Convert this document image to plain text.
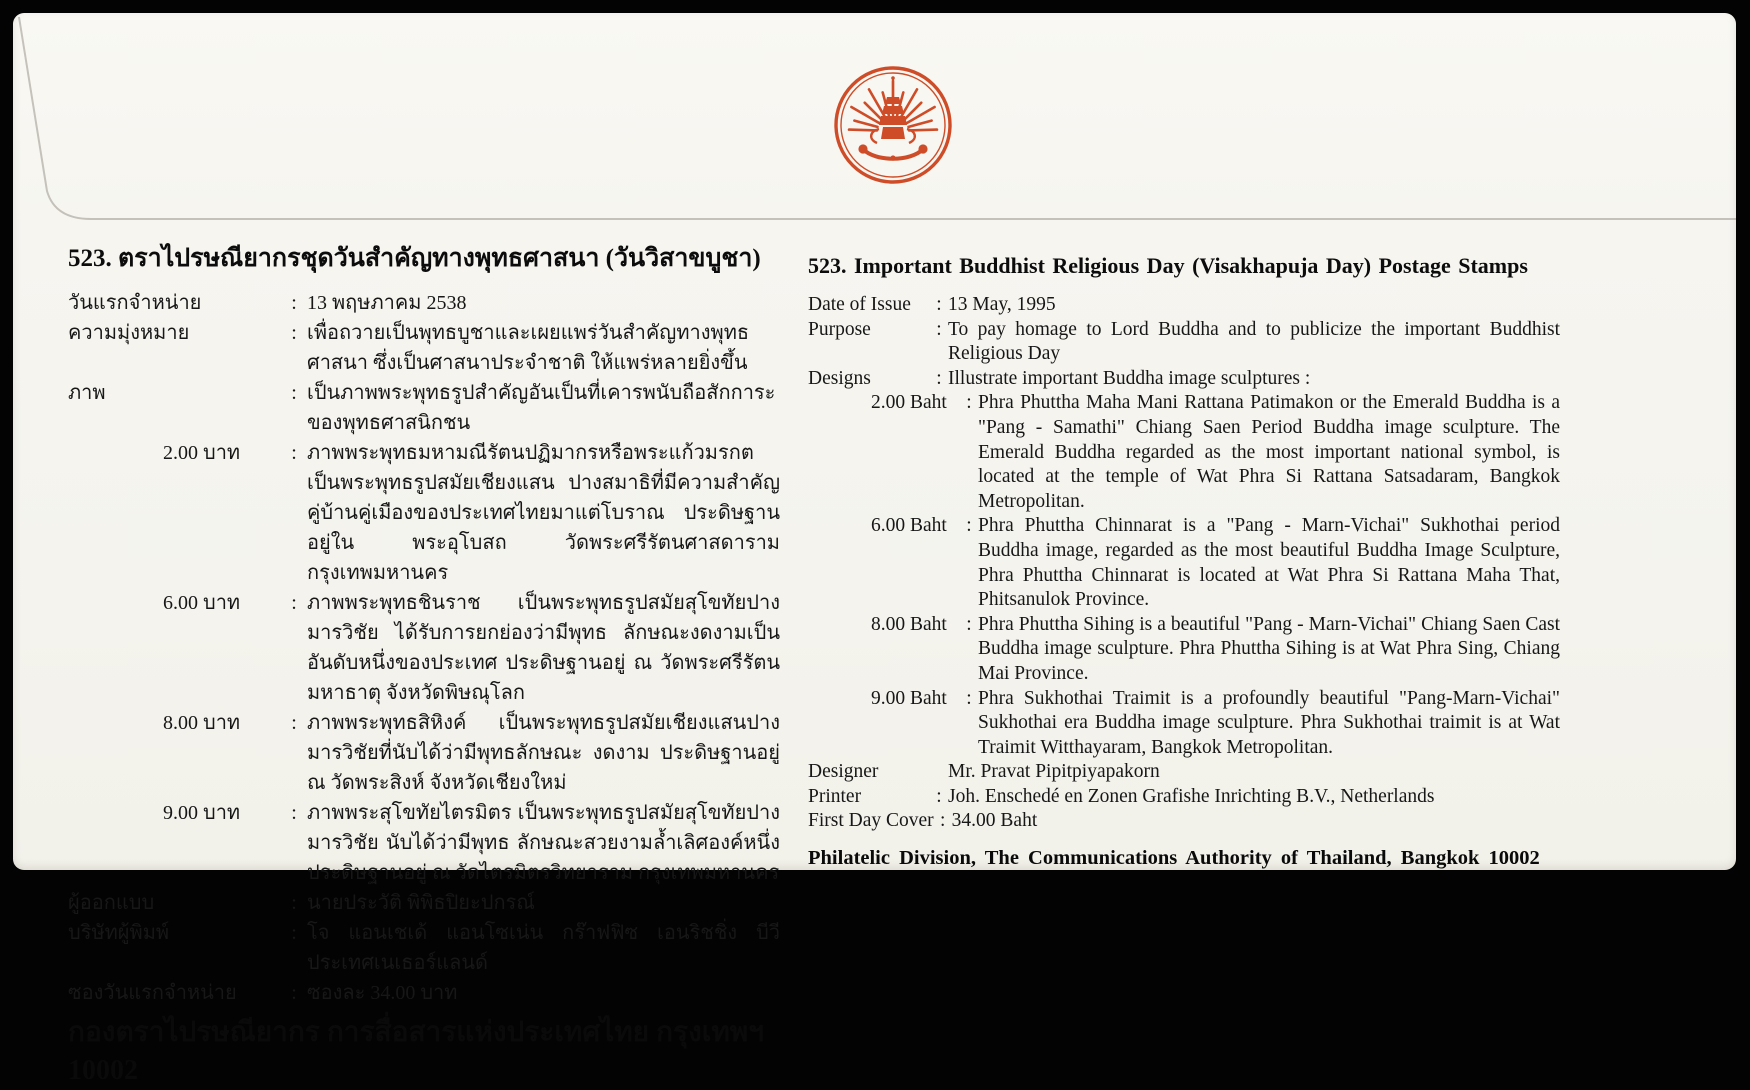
523. ตราไปรษณียากรชุดวันสำคัญทางพุทธศาสนา (วันวิสาขบูชา)
วันแรกจำหน่าย	: 13 พฤษภาคม 2538
ความมุ่งหมาย	: เพื่อถวายเป็นพุทธบูชาและเผยแพร่วันสำคัญทางพุทธศาสนา ซึ่งเป็นศาสนาประจำชาติ ให้แพร่หลายยิ่งขึ้น
ภาพ	: เป็นภาพพระพุทธรูปสำคัญอันเป็นที่เคารพนับถือสักการะของพุทธศาสนิกชน
2.00 บาท	: ภาพพระพุทธมหามณีรัตนปฏิมากรหรือพระแก้วมรกต เป็นพระพุทธรูปสมัยเชียงแสน ปางสมาธิที่มีความสำคัญคู่บ้านคู่เมืองของประเทศไทยมาแต่โบราณ ประดิษฐานอยู่ใน พระอุโบสถ วัดพระศรีรัตนศาสดาราม กรุงเทพมหานคร
6.00 บาท	: ภาพพระพุทธชินราช เป็นพระพุทธรูปสมัยสุโขทัยปางมารวิชัย ได้รับการยกย่องว่ามีพุทธ ลักษณะงดงามเป็นอันดับหนึ่งของประเทศ ประดิษฐานอยู่ ณ วัดพระศรีรัตนมหาธาตุ จังหวัดพิษณุโลก
8.00 บาท	: ภาพพระพุทธสิหิงค์ เป็นพระพุทธรูปสมัยเชียงแสนปางมารวิชัยที่นับได้ว่ามีพุทธลักษณะ งดงาม ประดิษฐานอยู่ ณ วัดพระสิงห์ จังหวัดเชียงใหม่
9.00 บาท	: ภาพพระสุโขทัยไตรมิตร เป็นพระพุทธรูปสมัยสุโขทัยปางมารวิชัย นับได้ว่ามีพุทธ ลักษณะสวยงามล้ำเลิศองค์หนึ่ง ประดิษฐานอยู่ ณ วัดไตรมิตรวิทยาราม กรุงเทพมหานคร
ผู้ออกแบบ	: นายประวัติ พิพิธปิยะปกรณ์
บริษัทผู้พิมพ์	: โจ แอนเชเด้ แอนโซเน่น กร๊าฟฟิซ เอนริชชิ่ง บีวี ประเทศเนเธอร์แลนด์
ซองวันแรกจำหน่าย	: ซองละ 34.00 บาท
กองตราไปรษณียากร การสื่อสารแห่งประเทศไทย กรุงเทพฯ 10002
523. Important Buddhist Religious Day (Visakhapuja Day) Postage Stamps
Date of Issue	: 13 May, 1995
Purpose	: To pay homage to Lord Buddha and to publicize the important Buddhist Religious Day
Designs	: Illustrate important Buddha image sculptures :
2.00 Baht : Phra Phuttha Maha Mani Rattana Patimakon or the Emerald Buddha is a "Pang - Samathi" Chiang Saen Period Buddha image sculpture. The Emerald Buddha regarded as the most important national symbol, is located at the temple of Wat Phra Si Rattana Satsadaram, Bangkok Metropolitan.
6.00 Baht : Phra Phuttha Chinnarat is a "Pang - Marn-Vichai" Sukhothai period Buddha image, regarded as the most beautiful Buddha Image Sculpture, Phra Phuttha Chinnarat is located at Wat Phra Si Rattana Maha That, Phitsanulok Province.
8.00 Baht : Phra Phuttha Sihing is a beautiful "Pang - Marn-Vichai" Chiang Saen Cast Buddha image sculpture. Phra Phuttha Sihing is at Wat Phra Sing, Chiang Mai Province.
9.00 Baht : Phra Sukhothai Traimit is a profoundly beautiful "Pang-Marn-Vichai" Sukhothai era Buddha image sculpture. Phra Sukhothai traimit is at Wat Traimit Witthayaram, Bangkok Metropolitan.
Designer	Mr. Pravat Pipitpiyapakorn
Printer	: Joh. Enschedé en Zonen Grafishe Inrichting B.V., Netherlands
First Day Cover : 34.00 Baht
Philatelic Division, The Communications Authority of Thailand, Bangkok 10002
